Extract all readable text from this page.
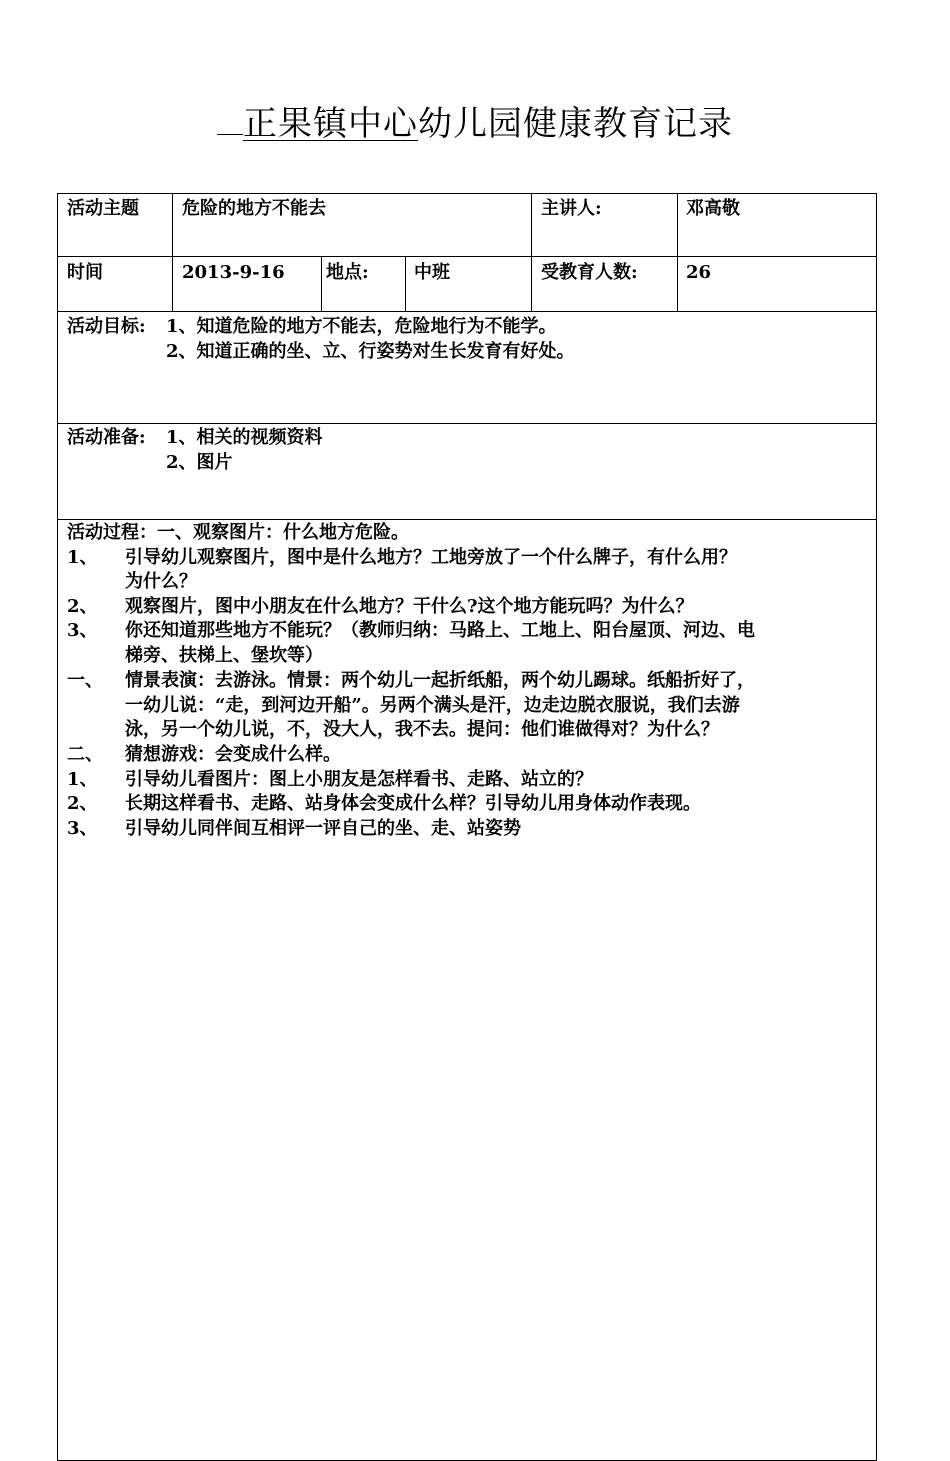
正果镇中心幼儿园健康教育记录
活动主题 危险的地方不能去	主讲人:	邓高敬
时间	2013-9-16 地点:	中班	受教育人数:	26
活动目标: 1、知道危险的地方不能去，危险地行为不能学。
2、知道正确的坐、立、行姿势对生长发育有好处。
活动准备: 1、相关的视频资料
2、图片
活动过程：一、观察图片：什么地方危险。
1、 引导幼儿观察图片，图中是什么地方？工地旁放了一个什么牌子，有什么用？
为什么？
2、 观察图片，图中小朋友在什么地方？干什么?这个地方能玩吗？为什么？
3、 你还知道那些地方不能玩？（教师归纳：马路上、工地上、阳台屋顶、河边、电
梯旁、扶梯上、堡坎等）
一、 情景表演：去游泳。情景：两个幼儿一起折纸船，两个幼儿踢球。纸船折好了，
一幼儿说：“走，到河边开船”。另两个满头是汗，边走边脱衣服说，我们去游
泳，另一个幼儿说，不，没大人，我不去。提问：他们谁做得对？为什么？
二、 猜想游戏：会变成什么样。
1、 引导幼儿看图片：图上小朋友是怎样看书、走路、站立的？
2、 长期这样看书、走路、站身体会变成什么样？引导幼儿用身体动作表现。
3、 引导幼儿同伴间互相评一评自己的坐、走、站姿势
